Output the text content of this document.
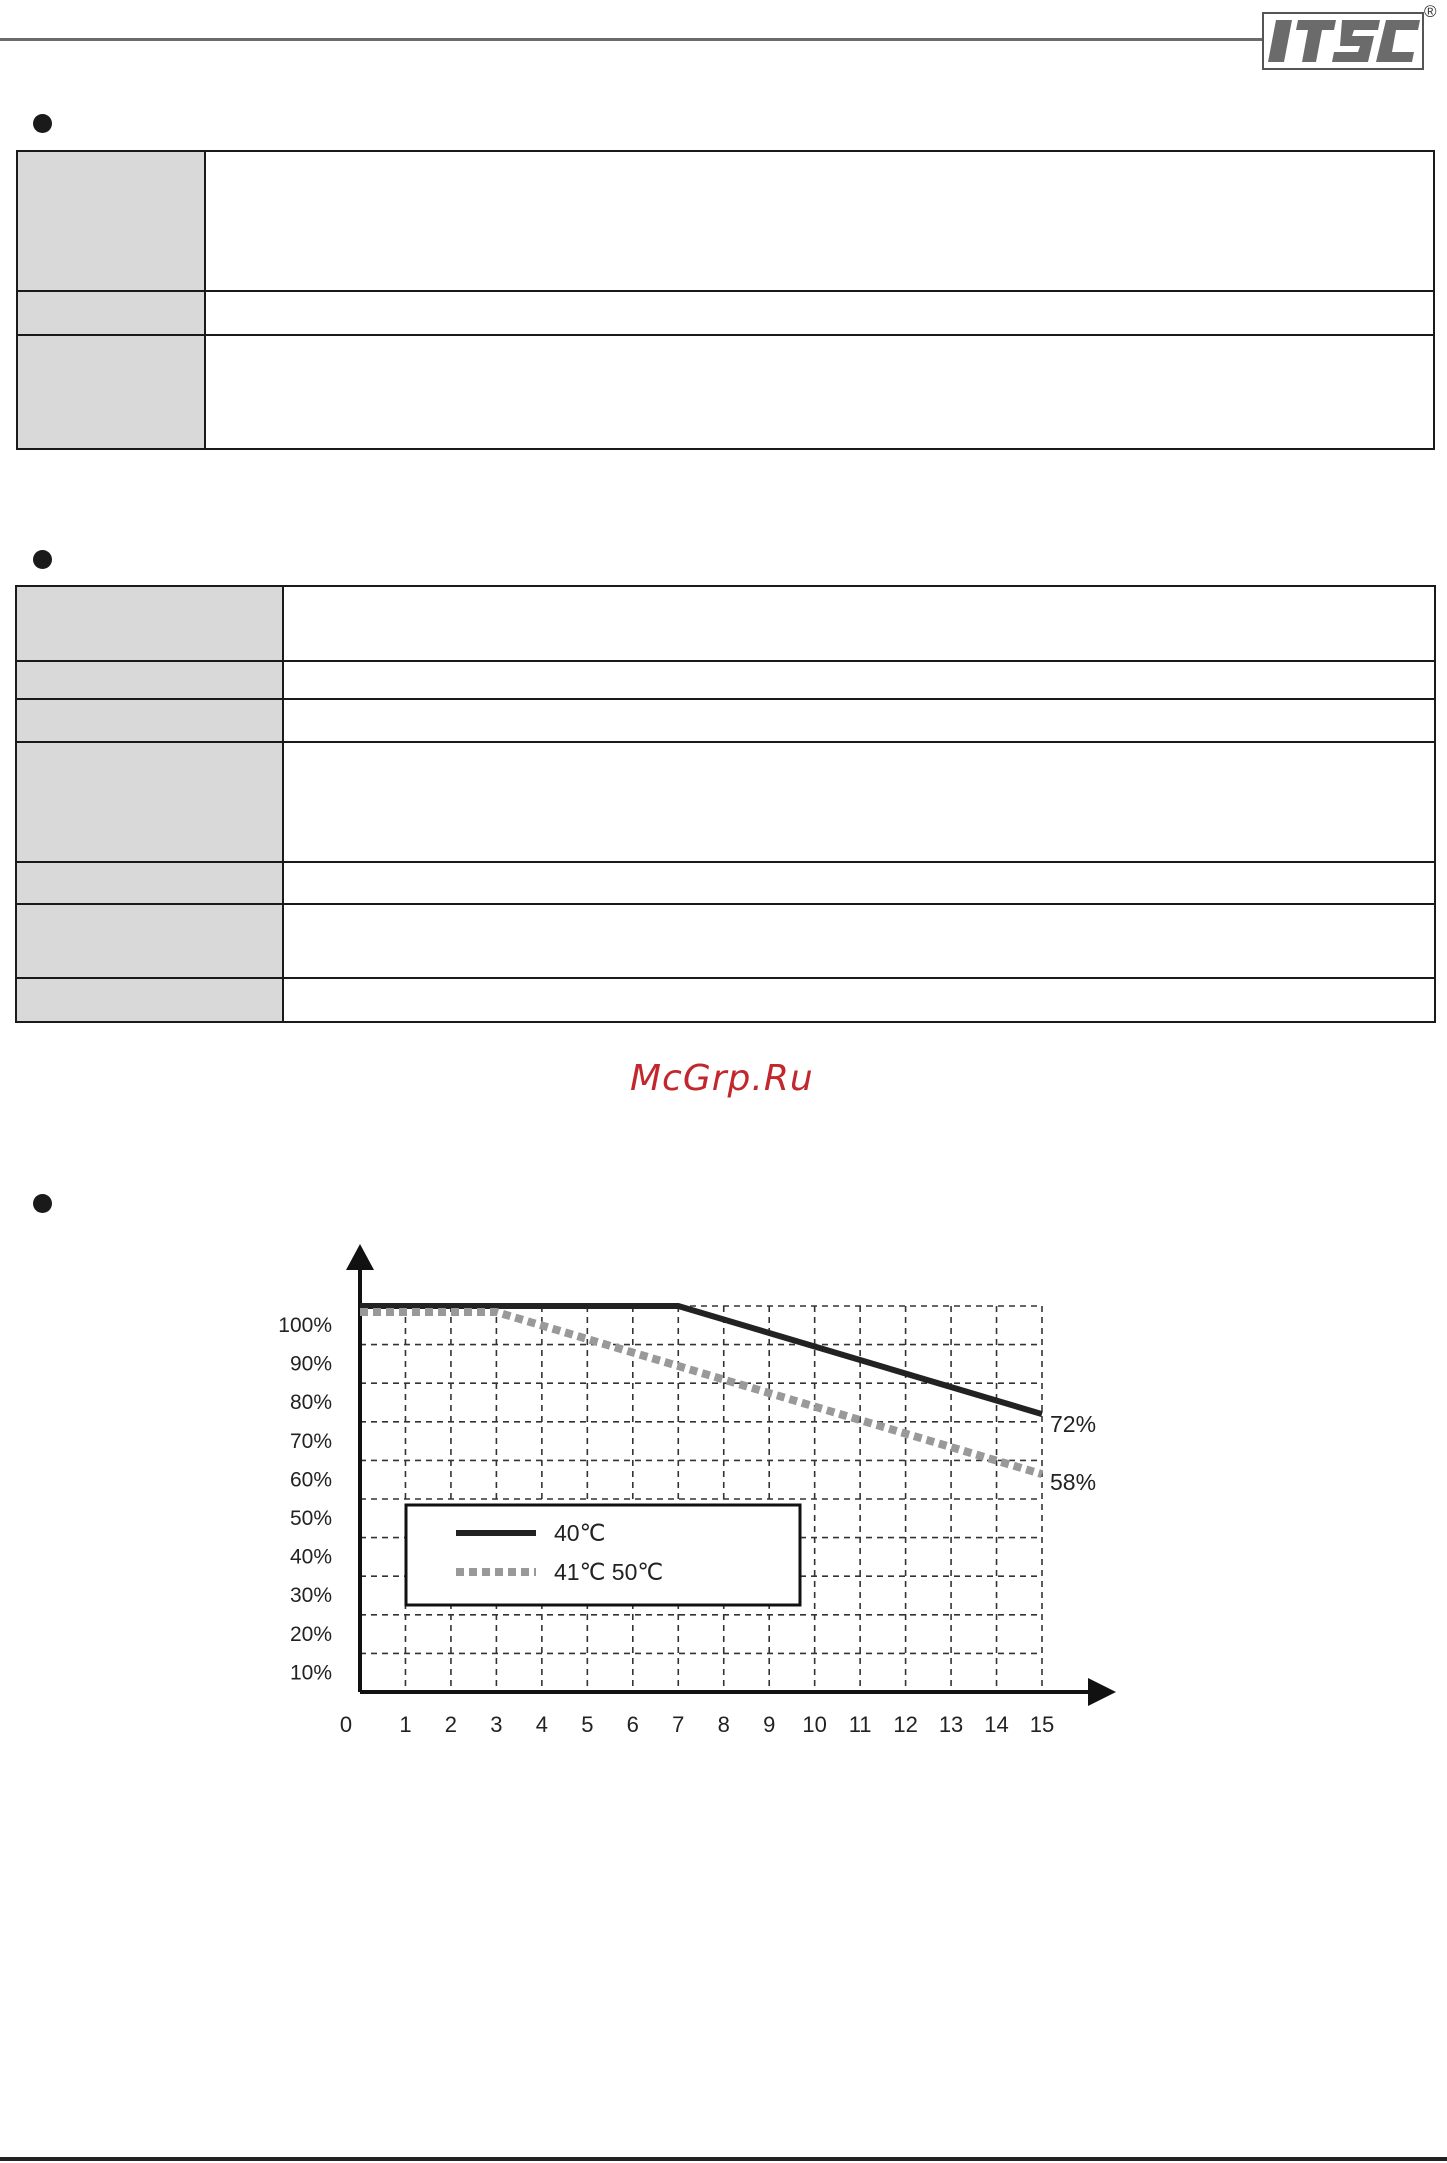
®
McGrp.Ru
0 1 2 3 4 5 6 7 8 9 10 11 12 13 14 15
10%
20%
30%
40%
50%
60%
70%
80%
90%
100%
72%
58%
40℃
41℃ 50℃
